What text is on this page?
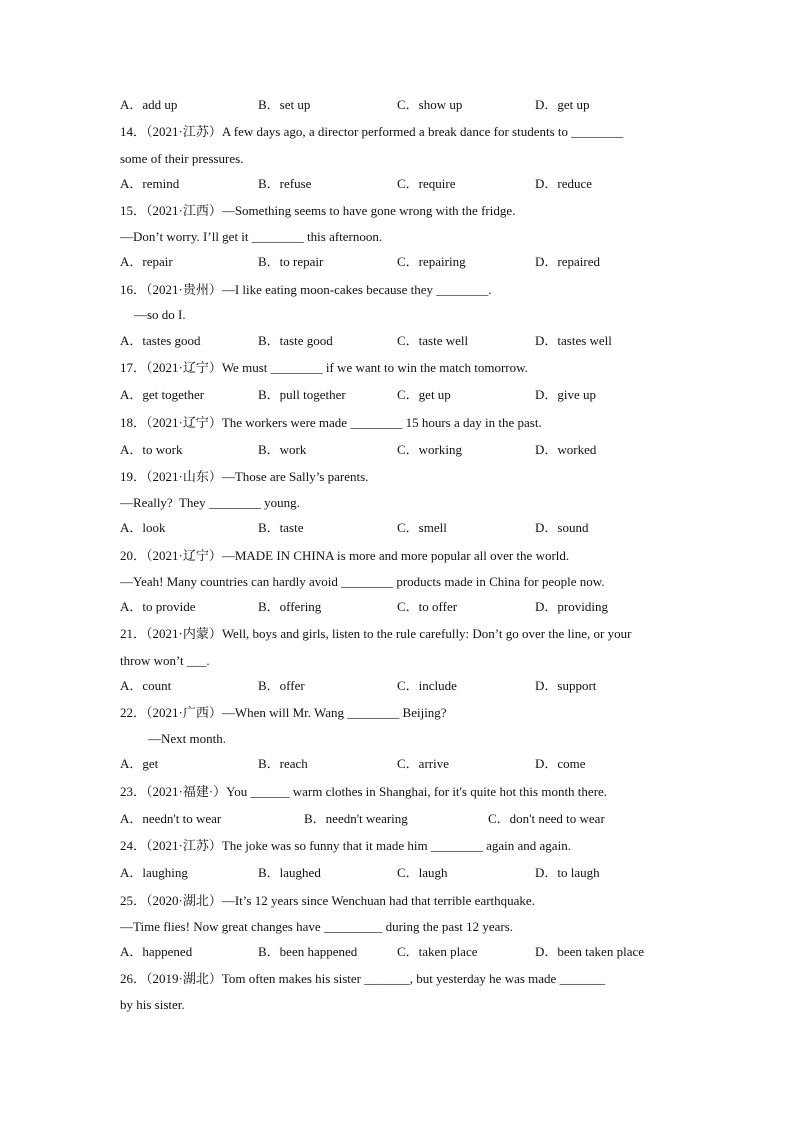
A．add up

	B．set up

	C．show up

	D．get up

14．（2021·江苏）A few days ago, a director performed a break dance for students to ________
some of their pressures.

A．remind

	B．refuse

	C．require

	D．reduce

15．（2021·江西）—Something seems to have gone wrong with the fridge.
—Don’t worry. I’ll get it ________ this afternoon.

A．repair

	B．to repair

	C．repairing

	D．repaired

16．（2021·贵州）—I like eating moon-cakes because they ________.
—so do I.

A．tastes good

	B．taste good

	C．taste well

	D．tastes well

17．（2021·辽宁）We must ________ if we want to win the match tomorrow.

A．get together

	B．pull together

	C．get up

	D．give up

18．（2021·辽宁）The workers were made ________ 15 hours a day in the past.

A．to work

	B．work

	C．working

	D．worked

19．（2021·山东）—Those are Sally’s parents.
—Really?  They ________ young.

A．look

	B．taste

	C．smell

	D．sound

20．（2021·辽宁）—MADE IN CHINA is more and more popular all over the world.
—Yeah! Many countries can hardly avoid ________ products made in China for people now.

A．to provide

	B．offering

	C．to offer

	D．providing

21．（2021·内蒙）Well, boys and girls, listen to the rule carefully: Don’t go over the line, or your
throw won’t ___.

A．count

	B．offer

	C．include

	D．support

22．（2021·广西）—When will Mr. Wang ________ Beijing?
—Next month.

A．get

	B．reach

	C．arrive

	D．come

23．（2021·福建·）You ______ warm clothes in Shanghai, for it's quite hot this month there.

A．needn't to wear

	B．needn't wearing

	C．don't need to wear

24．（2021·江苏）The joke was so funny that it made him ________ again and again.

A．laughing

	B．laughed

	C．laugh

	D．to laugh

25．（2020·湖北）—It’s 12 years since Wenchuan had that terrible earthquake.
—Time flies! Now great changes have _________ during the past 12 years.

A．happened

	B．been happened

	C．taken place

	D．been taken place

26．（2019·湖北）Tom often makes his sister _______, but yesterday he was made _______
by his sister.
